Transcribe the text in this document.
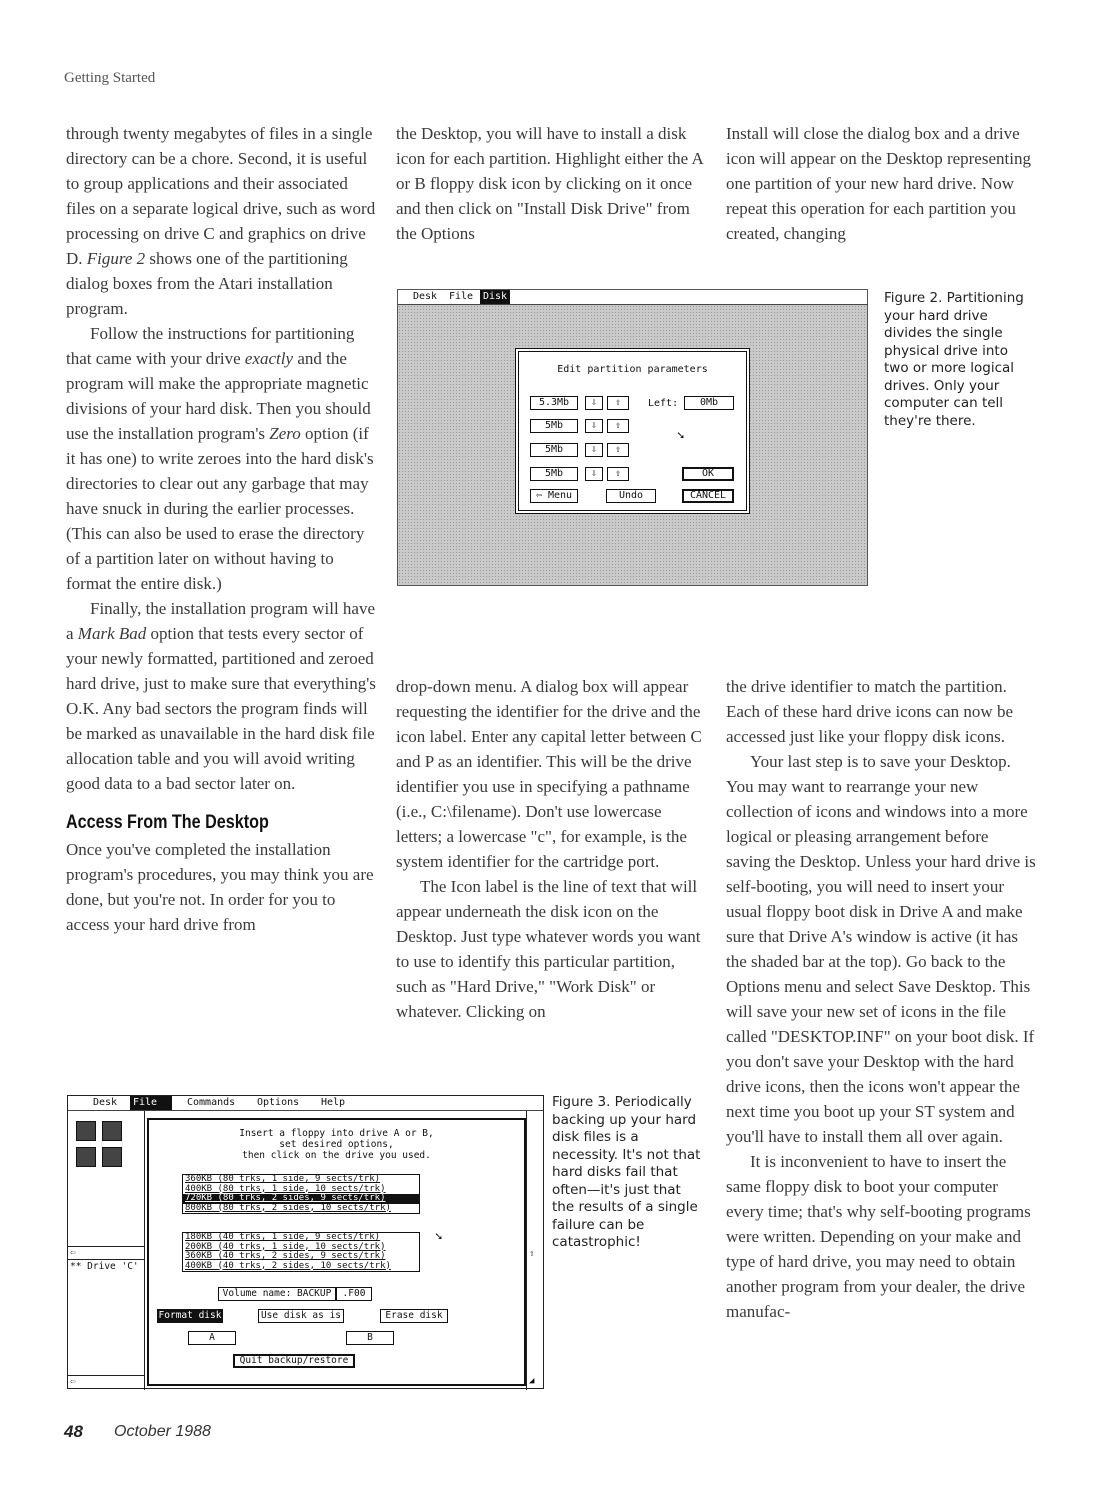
Getting Started

through twenty megabytes of files in a single directory can be a chore. Second, it is useful to group applications and their associated files on a separate logical drive, such as word processing on drive C and graphics on drive D. Figure 2 shows one of the partitioning dialog boxes from the Atari installation program.

Follow the instructions for partitioning that came with your drive exactly and the program will make the appropriate magnetic divisions of your hard disk. Then you should use the installation program's Zero option (if it has one) to write zeroes into the hard disk's directories to clear out any garbage that may have snuck in during the earlier processes. (This can also be used to erase the directory of a partition later on without having to format the entire disk.)

Finally, the installation program will have a Mark Bad option that tests every sector of your newly formatted, partitioned and zeroed hard drive, just to make sure that everything's O.K. Any bad sectors the program finds will be marked as unavailable in the hard disk file allocation table and you will avoid writing good data to a bad sector later on.

Access From The Desktop

Once you've completed the installation program's procedures, you may think you are done, but you're not. In order for you to access your hard drive from

the Desktop, you will have to install a disk icon for each partition. Highlight either the A or B floppy disk icon by clicking on it once and then click on "Install Disk Drive" from the Options

Install will close the dialog box and a drive icon will appear on the Desktop representing one partition of your new hard drive. Now repeat this operation for each partition you created, changing

Desk	File Disk
Edit partition parameters
5.3Mb	⇩	⇧	Left:	0Mb
5Mb	⇩	⇧
➘
5Mb	⇩	⇧
5Mb	⇩	⇧	OK
⇦ Menu	Undo	CANCEL
Figure 2. Partitioning your hard drive divides the single physical drive into two or more logical drives. Only your computer can tell they're there.

drop-down menu. A dialog box will appear requesting the identifier for the drive and the icon label. Enter any capital letter between C and P as an identifier. This will be the drive identifier you use in specifying a pathname (i.e., C:\filename). Don't use lowercase letters; a lowercase "c", for example, is the system identifier for the cartridge port.

The Icon label is the line of text that will appear underneath the disk icon on the Desktop. Just type whatever words you want to use to identify this particular partition, such as "Hard Drive," "Work Disk" or whatever. Clicking on

the drive identifier to match the partition. Each of these hard drive icons can now be accessed just like your floppy disk icons.

Your last step is to save your Desktop. You may want to rearrange your new collection of icons and windows into a more logical or pleasing arrangement before saving the Desktop. Unless your hard drive is self-booting, you will need to insert your usual floppy boot disk in Drive A and make sure that Drive A's window is active (it has the shaded bar at the top). Go back to the Options menu and select Save Desktop. This will save your new set of icons in the file called "DESKTOP.INF" on your boot disk. If you don't save your Desktop with the hard drive icons, then the icons won't appear the next time you boot up your ST system and you'll have to install them all over again.

It is inconvenient to have to insert the same floppy disk to boot your computer every time; that's why self-booting programs were written. Depending on your make and type of hard drive, you may need to obtain another program from your dealer, the drive manufac-

Desk	File	Commands	Options	Help
⇦
** Drive 'C'
⇦
⇧
◢
Insert a floppy into drive A or B,
set desired options,
then click on the drive you used.
360KB (80 trks, 1 side, 9 sects/trk)
400KB (80 trks, 1 side, 10 sects/trk)
720KB (80 trks, 2 sides, 9 sects/trk)
800KB (80 trks, 2 sides, 10 sects/trk)
180KB (40 trks, 1 side, 9 sects/trk)
200KB (40 trks, 1 side, 10 sects/trk)
360KB (40 trks, 2 sides, 9 sects/trk)
400KB (40 trks, 2 sides, 10 sects/trk)
➘
Volume name: BACKUP	.F00
Format disk	Use disk as is	Erase disk
A	B
Quit backup/restore
Figure 3. Periodically backing up your hard disk files is a necessity. It's not that hard disks fail that often—it's just that the results of a single failure can be catastrophic!
48 October 1988
